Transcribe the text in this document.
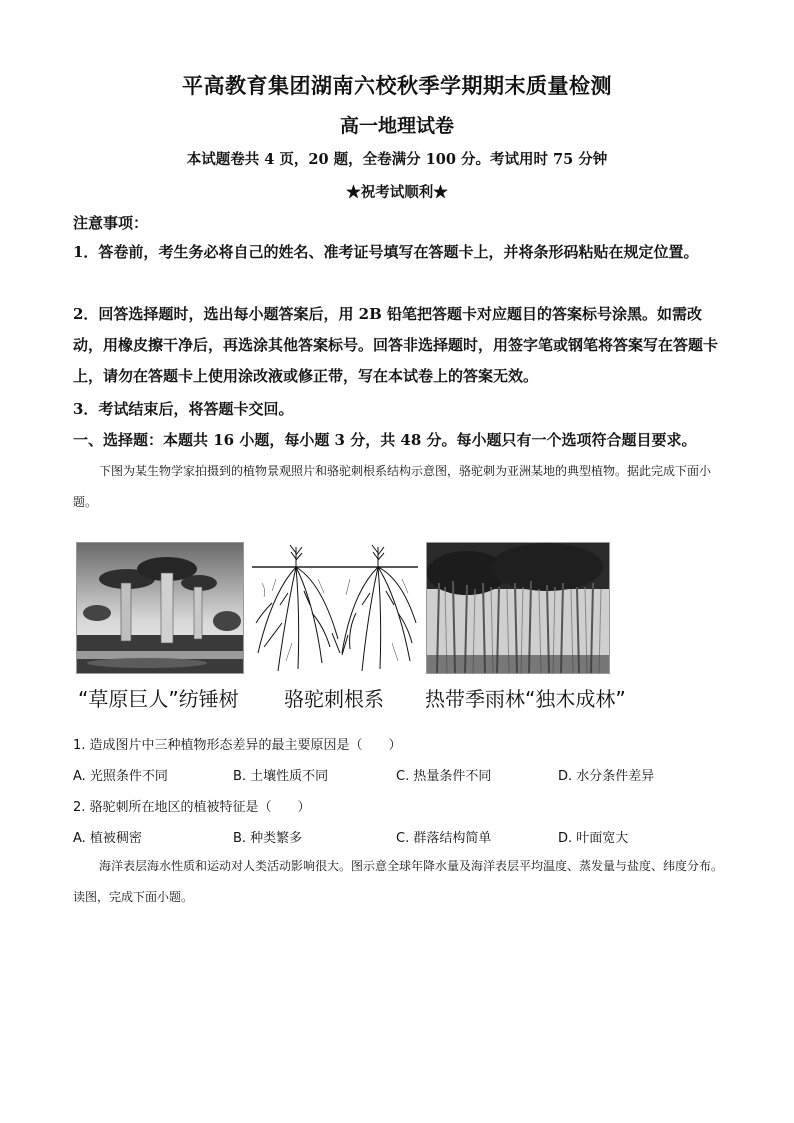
平高教育集团湖南六校秋季学期期末质量检测
高一地理试卷
本试题卷共 4 页，20 题，全卷满分 100 分。考试用时 75 分钟
★祝考试顺利★
注意事项：
1．答卷前，考生务必将自己的姓名、准考证号填写在答题卡上，并将条形码粘贴在规定位置。
2．回答选择题时，选出每小题答案后，用 2B 铅笔把答题卡对应题目的答案标号涂黑。如需改动，用橡皮擦干净后，再选涂其他答案标号。回答非选择题时，用签字笔或钢笔将答案写在答题卡上，请勿在答题卡上使用涂改液或修正带，写在本试卷上的答案无效。
3．考试结束后，将答题卡交回。
一、选择题：本题共 16 小题，每小题 3 分，共 48 分。每小题只有一个选项符合题目要求。
下图为某生物学家拍摄到的植物景观照片和骆驼刺根系结构示意图，骆驼刺为亚洲某地的典型植物。据此完成下面小题。
“草原巨人”纺锤树 骆驼刺根系 热带季雨林“独木成林”
1. 造成图片中三种植物形态差异的最主要原因是（　　）
A. 光照条件不同	B. 土壤性质不同	C. 热量条件不同	D. 水分条件差异
2. 骆驼刺所在地区的植被特征是（　　）
A. 植被稠密	B. 种类繁多	C. 群落结构简单	D. 叶面宽大
海洋表层海水性质和运动对人类活动影响很大。图示意全球年降水量及海洋表层平均温度、蒸发量与盐度、纬度分布。读图，完成下面小题。
